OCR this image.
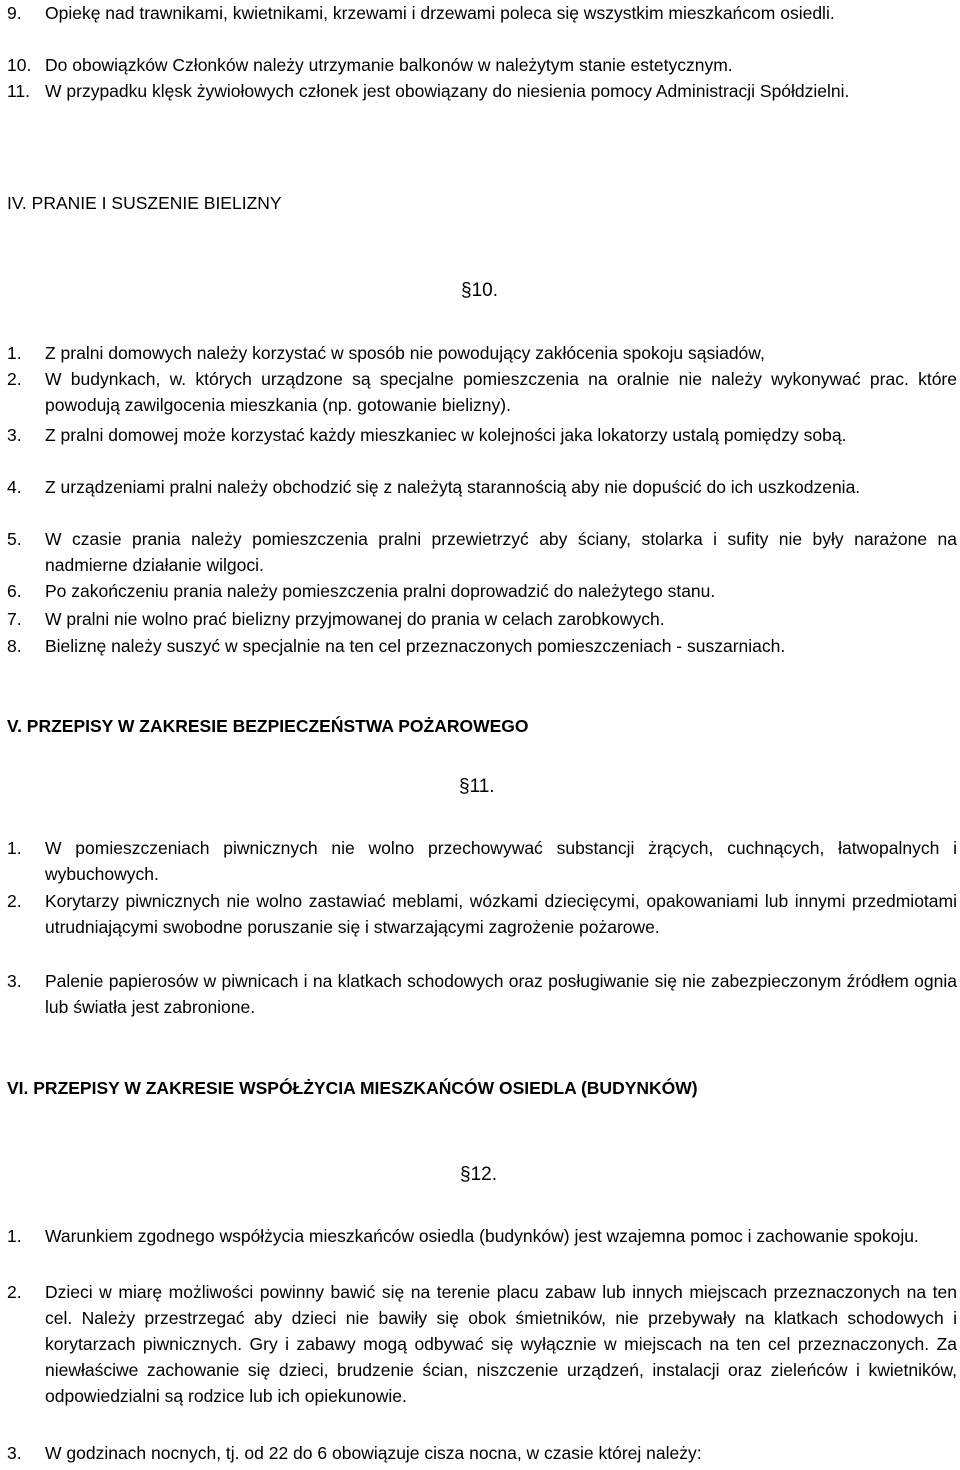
9. Opiekę nad trawnikami, kwietnikami, krzewami i drzewami poleca się wszystkim mieszkańcom osiedli.
10. Do obowiązków Członków należy utrzymanie balkonów w należytym stanie estetycznym.
11. W przypadku klęsk żywiołowych członek jest obowiązany do niesienia pomocy Administracji Spółdzielni.
IV. PRANIE I SUSZENIE BIELIZNY
§10.
1. Z pralni domowych należy korzystać w sposób nie powodujący zakłócenia spokoju sąsiadów,
2. W budynkach, w. których urządzone są specjalne pomieszczenia na oralnie nie należy wykonywać prac. które powodują zawilgocenia mieszkania (np. gotowanie bielizny).
3. Z pralni domowej może korzystać każdy mieszkaniec w kolejności jaka lokatorzy ustalą pomiędzy sobą.
4. Z urządzeniami pralni należy obchodzić się z należytą starannością aby nie dopuścić do ich uszkodzenia.
5. W czasie prania należy pomieszczenia pralni przewietrzyć aby ściany, stolarka i sufity nie były narażone na nadmierne działanie wilgoci.
6. Po zakończeniu prania należy pomieszczenia pralni doprowadzić do należytego stanu.
7. W pralni nie wolno prać bielizny przyjmowanej do prania w celach zarobkowych.
8. Bieliznę należy suszyć w specjalnie na ten cel przeznaczonych pomieszczeniach - suszarniach.
V. PRZEPISY W ZAKRESIE BEZPIECZEŃSTWA POŻAROWEGO
§11.
1. W pomieszczeniach piwnicznych nie wolno przechowywać substancji żrących, cuchnących, łatwopalnych i wybuchowych.
2. Korytarzy piwnicznych nie wolno zastawiać meblami, wózkami dziecięcymi, opakowaniami lub innymi przedmiotami utrudniającymi swobodne poruszanie się i stwarzającymi zagrożenie pożarowe.
3. Palenie papierosów w piwnicach i na klatkach schodowych oraz posługiwanie się nie zabezpieczonym źródłem ognia lub światła jest zabronione.
VI. PRZEPISY W ZAKRESIE WSPÓŁŻYCIA MIESZKAŃCÓW OSIEDLA (BUDYNKÓW)
§12.
1. Warunkiem zgodnego współżycia mieszkańców osiedla (budynków) jest wzajemna pomoc i zachowanie spokoju.
2. Dzieci w miarę możliwości powinny bawić się na terenie placu zabaw lub innych miejscach przeznaczonych na ten cel. Należy przestrzegać aby dzieci nie bawiły się obok śmietników, nie przebywały na klatkach schodowych i korytarzach piwnicznych. Gry i zabawy mogą odbywać się wyłącznie w miejscach na ten cel przeznaczonych. Za niewłaściwe zachowanie się dzieci, brudzenie ścian, niszczenie urządzeń, instalacji oraz zieleńców i kwietników, odpowiedzialni są rodzice lub ich opiekunowie.
3. W godzinach nocnych, tj. od 22 do 6 obowiązuje cisza nocna, w czasie której należy:
